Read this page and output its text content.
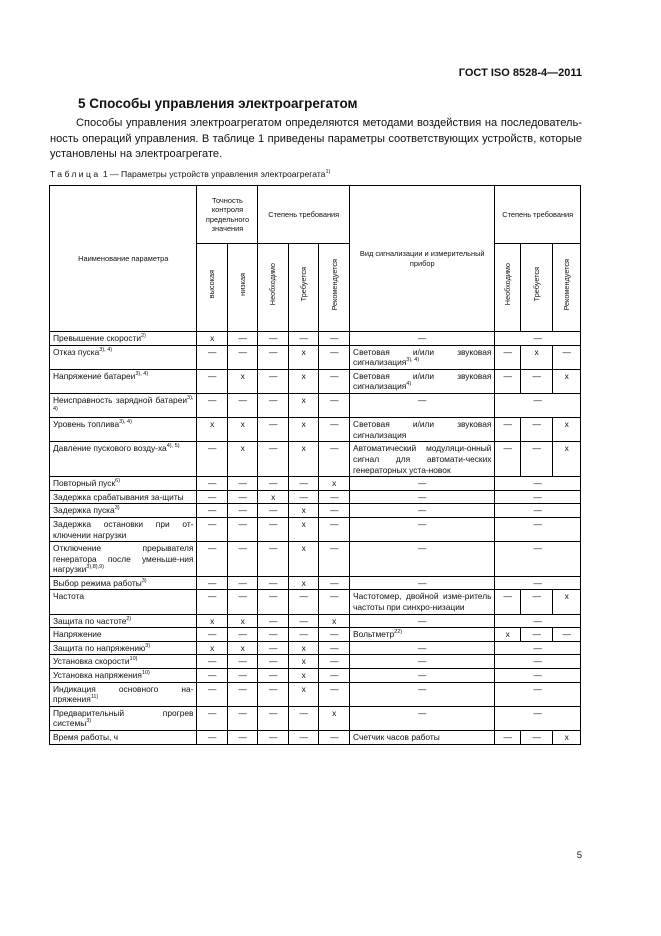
ГОСТ ISO 8528-4—2011
5 Способы управления электроагрегатом
Способы управления электроагрегатом определяются методами воздействия на последователь-ность операций управления. В таблице 1 приведены параметры соответствующих устройств, которые установлены на электроагрегате.
Таблица 1 — Параметры устройств управления электроагрегата$^{1)}$
Наименование параметра	Точность контроля предельного значения		Степень требования			Вид сигнализации и измерительный прибор	Степень требования		

	высокая	низкая	Необходимо	Требуется	Рекомендуется		Необходимо	Требуется	Рекомендуется

Превышение скорости$^{2)}$	х	—	—	—	—	—	—		
Отказ пуска$^{3), 4)}$	—	—	—	х	—	Световая и/или звуковая сигнализация$^{3), 4)}$	—	х	—
Напряжение батареи$^{3), 4)}$	—	х	—	х	—	Световая и/или звуковая сигнализация$^{4)}$	—	—	х
Неисправность зарядной батареи$^{3), 4)}$	—	—	—	х	—	—	—		
Уровень топлива$^{3), 4)}$	х	х	—	х	—	Световая и/или звуковая сигнализация	—	—	х
Давление пускового возду-$ха^{4), 5)}$	—	х	—	х	—	Автоматический модуляци-онный сигнал для автомати-ческих генераторных уста-новок	—	—	х
Повторный пуск$^{6)}$	—	—	—	—	х	—	—		
Задержка срабатывания за-щиты	—	—	х	—	—	—	—		
Задержка пуска$^{3)}$	—	—	—	х	—	—	—		
Задержка остановки при от-ключении нагрузки	—	—	—	х	—	—	—		
Отключение прерывателя генератора после уменьше-ния нагрузки$^{3),8),9)}$	—	—	—	х	—	—	—		
Выбор режима работы$^{3)}$	—	—	—	х	—	—	—		
Частота	—	—	—	—	—	Частотомер, двойной изме-ритель частоты при синхро-низации	—	—	х
Защита по частоте$^{2)}$	х	х	—	—	х	—	—		
Напряжение	—	—	—	—	—	Вольтметр$^{22)}$	х	—	—
Защита по напряжению$^{3)}$	х	х	—	х	—	—	—		
Установка скорости$^{10)}$	—	—	—	х	—	—	—		
Установка напряжения$^{10)}$	—	—	—	х	—	—	—		
Индикация основного на-пряжения$^{11)}$	—	—	—	х	—	—	—		
Предварительный прогрев системы$^{3)}$	—	—	—	—	х	—	—		
Время работы, ч	—	—	—	—	—	Счетчик часов работы	—	—	х
5
